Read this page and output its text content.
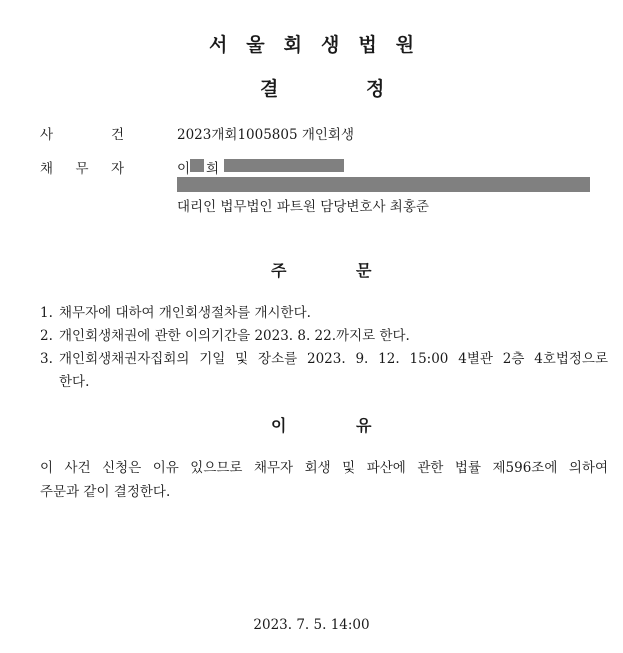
서울회생법원
결	정
사 건	2023개회1005805 개인회생
채 무 자	이 희
대리인 법무법인 파트원 담당변호사 최홍준
주	문
1. 채무자에 대하여 개인회생절차를 개시한다.
2. 개인회생채권에 관한 이의기간을 2023. 8. 22.까지로 한다.
3. 개인회생채권자집회의 기일 및 장소를 2023. 9. 12. 15:00 4별관 2층 4호법정으로
한다.
이	유
이 사건 신청은 이유 있으므로 채무자 회생 및 파산에 관한 법률 제596조에 의하여
주문과 같이 결정한다.
2023. 7. 5. 14:00
